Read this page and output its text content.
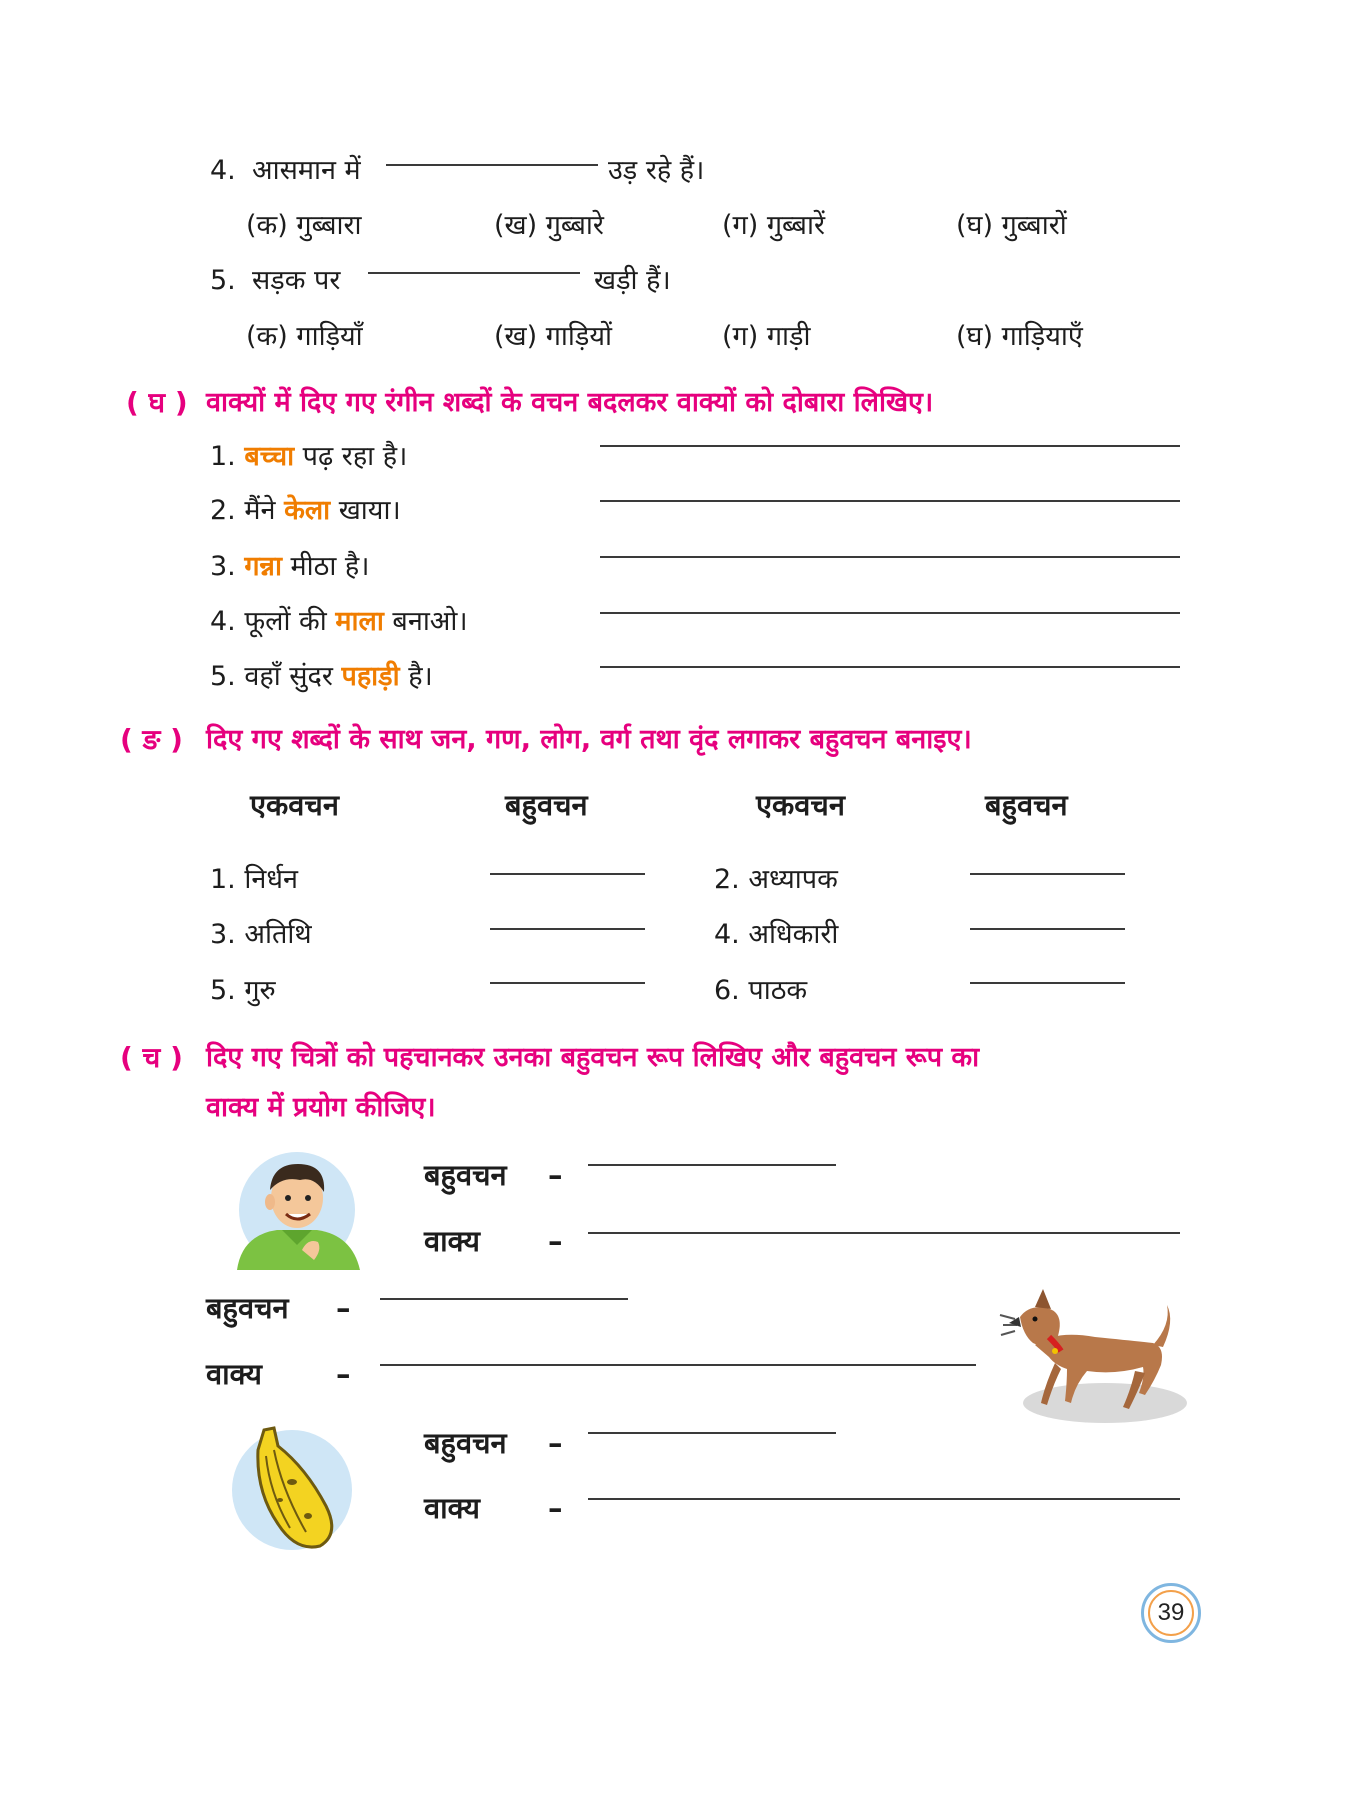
4. आसमान में	उड़ रहे हैं।
(क) गुब्बारा	(ख) गुब्बारे	(ग) गुब्बारें	(घ) गुब्बारों
5. सड़क पर	खड़ी हैं।
(क) गाड़ियाँ	(ख) गाड़ियों	(ग) गाड़ी	(घ) गाड़ियाएँ
( घ ) वाक्यों में दिए गए रंगीन शब्दों के वचन बदलकर वाक्यों को दोबारा लिखिए।
1. बच्चा पढ़ रहा है।
2. मैंने केला खाया।
3. गन्ना मीठा है।
4. फूलों की माला बनाओ।
5. वहाँ सुंदर पहाड़ी है।
( ङ ) दिए गए शब्दों के साथ जन, गण, लोग, वर्ग तथा वृंद लगाकर बहुवचन बनाइए।
एकवचन	बहुवचन	एकवचन	बहुवचन
1. निर्धन	2. अध्यापक
3. अतिथि	4. अधिकारी
5. गुरु	6. पाठक
( च ) दिए गए चित्रों को पहचानकर उनका बहुवचन रूप लिखिए और बहुवचन रूप का
वाक्य में प्रयोग कीजिए।
बहुवचन –
वाक्य –
बहुवचन –
वाक्य	–
बहुवचन –
वाक्य –
39
